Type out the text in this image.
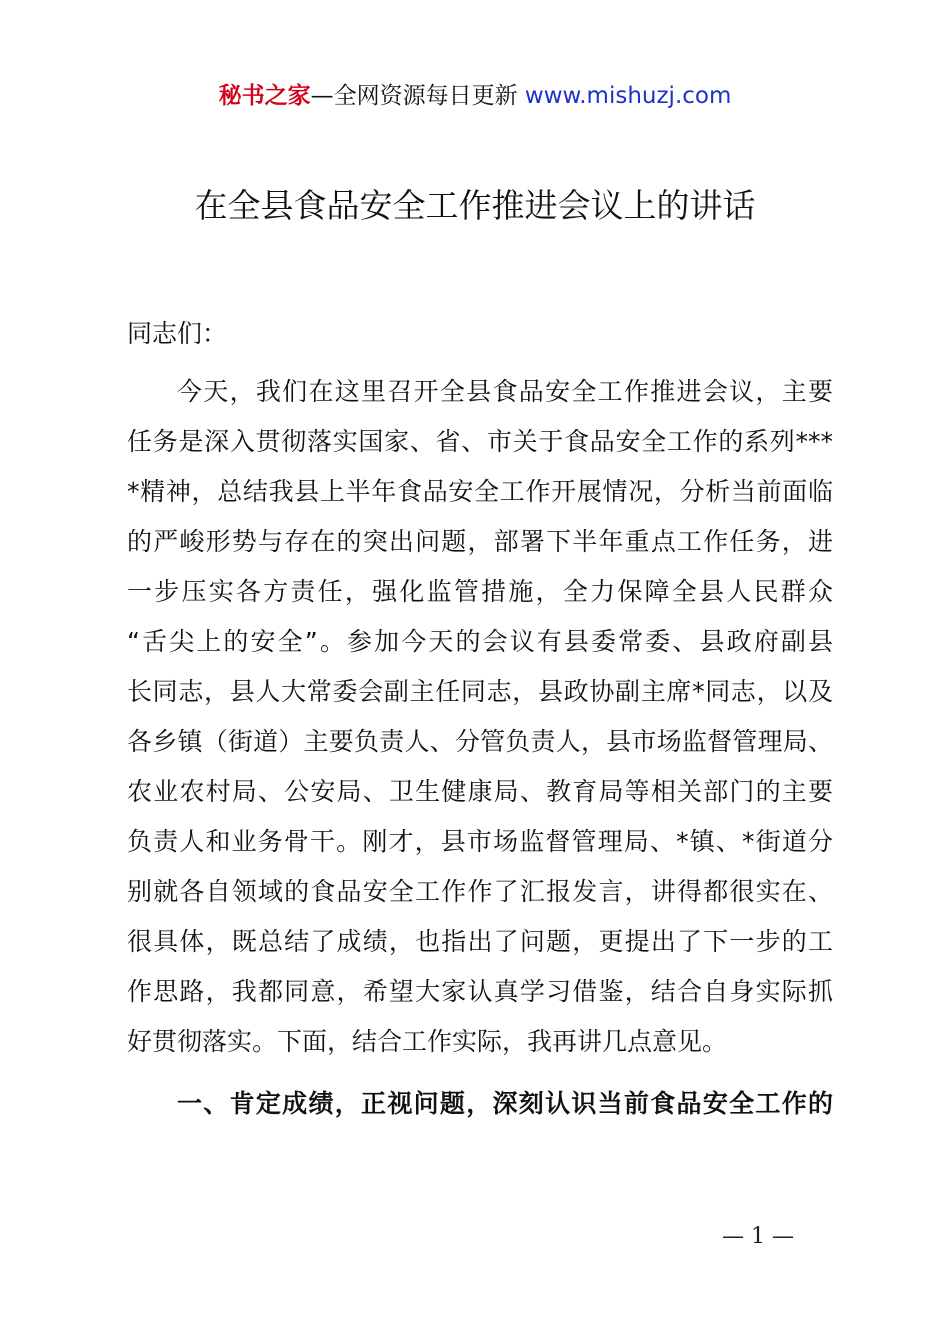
秘书之家—全网资源每日更新 www.mishuzj.com
在全县食品安全工作推进会议上的讲话
同志们：
今天，我们在这里召开全县食品安全工作推进会议，主要
任务是深入贯彻落实国家、省、市关于食品安全工作的系列***
*精神，总结我县上半年食品安全工作开展情况，分析当前面临
的严峻形势与存在的突出问题，部署下半年重点工作任务，进
一步压实各方责任，强化监管措施，全力保障全县人民群众
“舌尖上的安全”。参加今天的会议有县委常委、县政府副县
长同志，县人大常委会副主任同志，县政协副主席*同志，以及
各乡镇（街道）主要负责人、分管负责人，县市场监督管理局、
农业农村局、公安局、卫生健康局、教育局等相关部门的主要
负责人和业务骨干。刚才，县市场监督管理局、*镇、*街道分
别就各自领域的食品安全工作作了汇报发言，讲得都很实在、
很具体，既总结了成绩，也指出了问题，更提出了下一步的工
作思路，我都同意，希望大家认真学习借鉴，结合自身实际抓
好贯彻落实。下面，结合工作实际，我再讲几点意见。
一、肯定成绩，正视问题，深刻认识当前食品安全工作的
— 1 —
